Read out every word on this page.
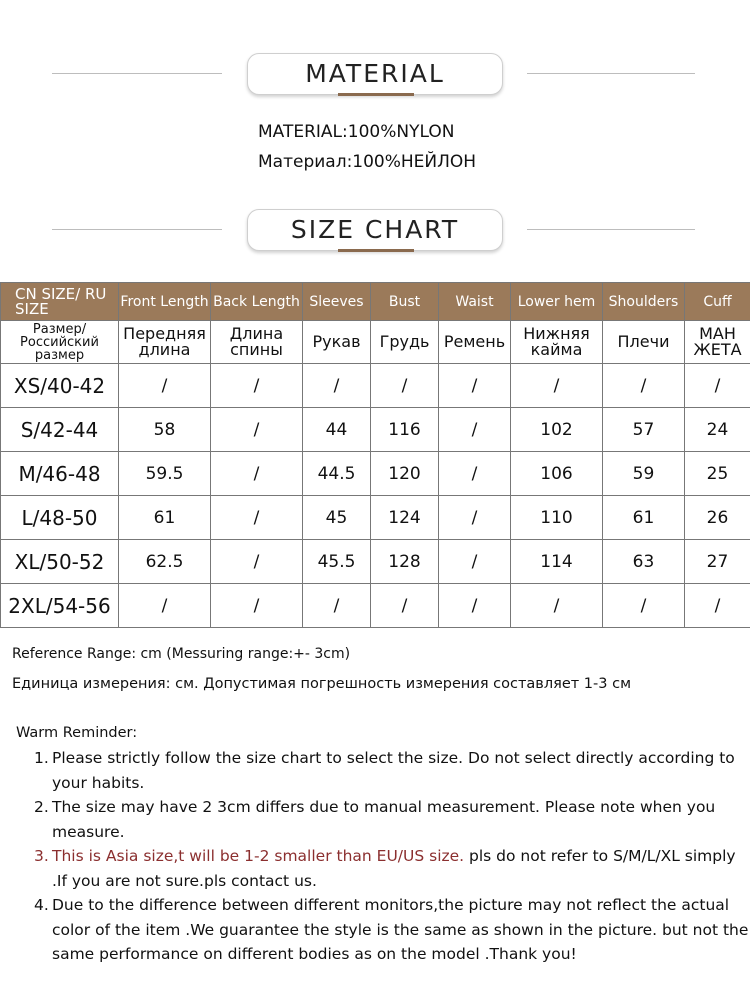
MATERIAL
MATERIAL:100%NYLON
Материал:100%НЕЙЛОН
SIZE CHART
CN SIZE/ RU SIZE	Front Length	Back Length	Sleeves	Bust	Waist	Lower hem	Shoulders	Cuff
Размер/ Российский размер	Передняя длина	Длина спины	Рукав	Грудь	Ремень	Нижняя кайма	Плечи	МАН ЖЕТА
XS/40-42	/	/	/	/	/	/	/	/
S/42-44	58	/	44	116	/	102	57	24
M/46-48	59.5	/	44.5	120	/	106	59	25
L/48-50	61	/	45	124	/	110	61	26
XL/50-52	62.5	/	45.5	128	/	114	63	27
2XL/54-56	/	/	/	/	/	/	/	/
Reference Range: cm (Messuring range:+- 3cm)
Единица измерения: см. Допустимая погрешность измерения составляет 1-3 см
Warm Reminder:
1. Please strictly follow the size chart to select the size. Do not select directly according to your habits.
2. The size may have 2 3cm differs due to manual measurement. Please note when you measure.
3. This is Asia size,t will be 1-2 smaller than EU/US size. pls do not refer to S/M/L/XL simply .If you are not sure.pls contact us.
4. Due to the difference between different monitors,the picture may not reflect the actual color of the item .We guarantee the style is the same as shown in the picture. but not the same performance on different bodies as on the model .Thank you!
